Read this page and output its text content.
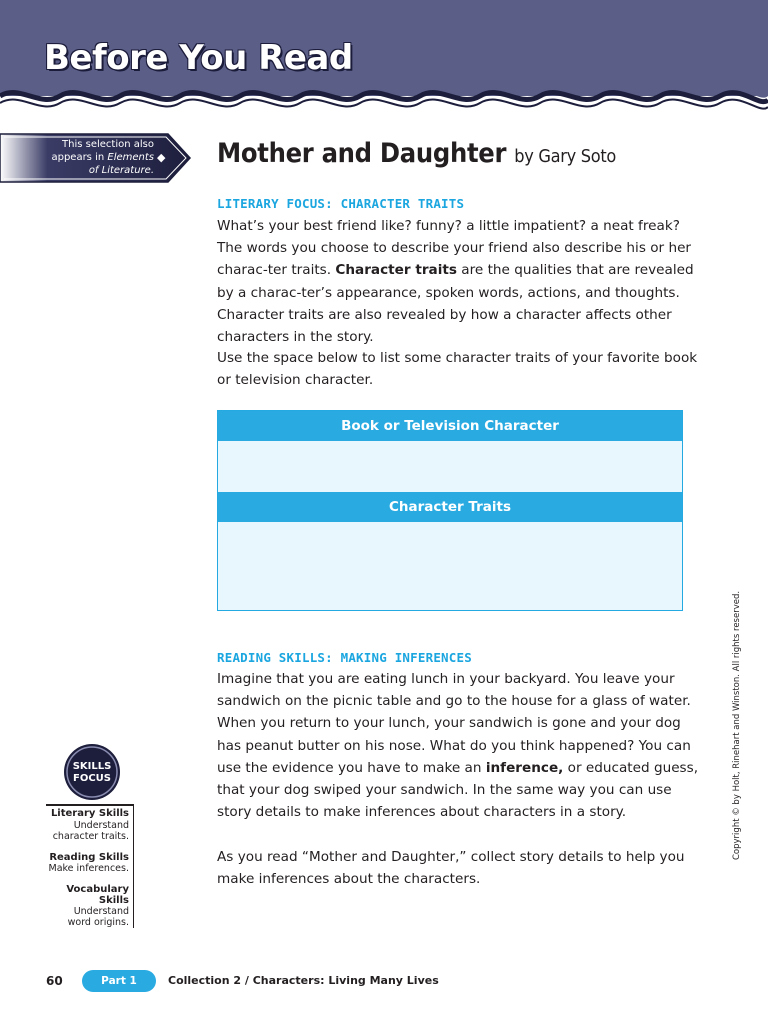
Before You Read
This selection also
appears in Elements
of Literature.
◆ Mother and Daughter by Gary Soto
LITERARY FOCUS: CHARACTER TRAITS
What’s your best friend like? funny? a little impatient? a neat freak? The words you choose to describe your friend also describe his or her charac-ter traits. Character traits are the qualities that are revealed by a charac-ter’s appearance, spoken words, actions, and thoughts. Character traits are also revealed by how a character affects other characters in the story.
Use the space below to list some character traits of your favorite book or television character.
Book or Television Character
Character Traits
READING SKILLS: MAKING INFERENCES
Imagine that you are eating lunch in your backyard. You leave your sandwich on the picnic table and go to the house for a glass of water. When you return to your lunch, your sandwich is gone and your dog has peanut butter on his nose. What do you think happened? You can use the evidence you have to make an inference, or educated guess, that your dog swiped your sandwich. In the same way you can use story details to make inferences about characters in a story.
As you read “Mother and Daughter,” collect story details to help you make inferences about the characters.
SKILLS
FOCUS
Literary Skills
Understand
character traits.
Reading Skills
Make inferences.
Vocabulary
Skills
Understand
word origins.
Copyright © by Holt, Rinehart and Winston. All rights reserved.
60	Part 1	Collection 2 / Characters: Living Many Lives
